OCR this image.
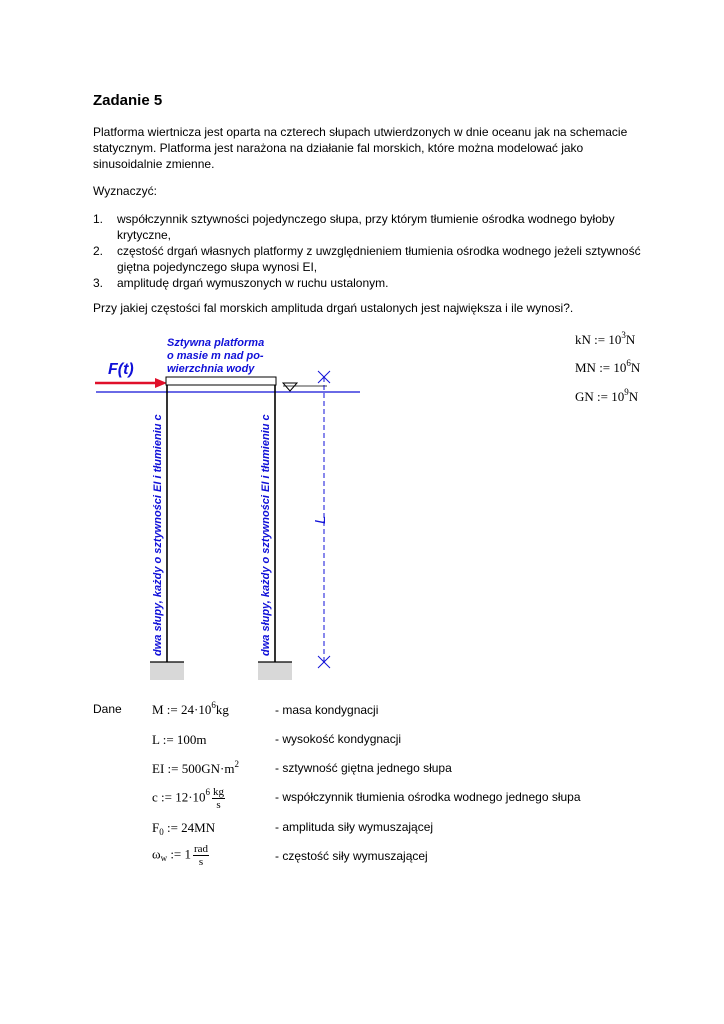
Zadanie 5
Platforma wiertnicza jest oparta na czterech słupach utwierdzonych w dnie oceanu jak na schemacie statycznym. Platforma jest narażona na działanie fal morskich, które można modelować jako sinusoidalnie zmienne.
Wyznaczyć:
1. współczynnik sztywności pojedynczego słupa, przy którym tłumienie ośrodka wodnego byłoby krytyczne,
2. częstość drgań własnych platformy z uwzględnieniem tłumienia ośrodka wodnego jeżeli sztywność giętna pojedynczego słupa wynosi EI,
3. amplitudę drgań wymuszonych w ruchu ustalonym.
Przy jakiej częstości fal morskich amplituda drgań ustalonych jest największa i ile wynosi?.
kN := $10^3N$
MN := $10^6N$
GN := $10^9N$
Sztywna platforma
o masie m nad po-
wierzchnia wody
F(t)
dwa słupy, każdy o sztywności EI i tłumieniu c	dwa słupy, każdy o sztywności EI i tłumieniu c	L
Dane M := $24\cdot 10^6kg$	- masa kondygnacji
L := 100m	- wysokość kondygnacji
EI := $500GN\cdot m^2$	- sztywność giętna jednego słupa
c := $12\cdot 10^6 \frac{kg}{s}$	- współczynnik tłumienia ośrodka wodnego jednego słupa
$F_0$ := 24MN	- amplituda siły wymuszającej
$\omega_w$ := $1 \frac{\text{rad}}{s}$	- częstość siły wymuszającej
